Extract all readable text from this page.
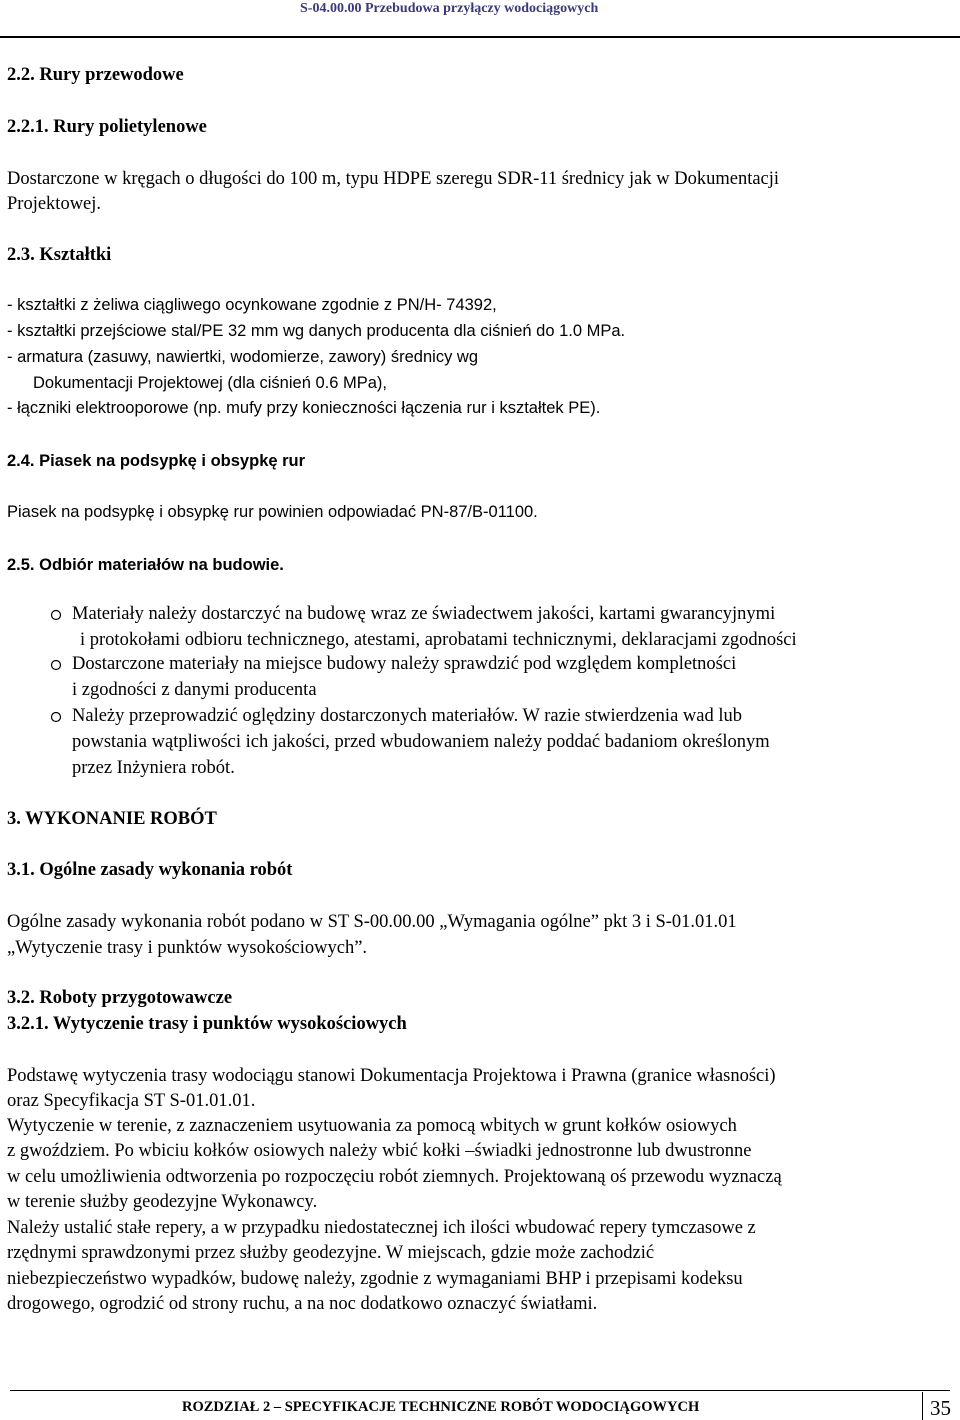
S-04.00.00 Przebudowa przyłączy wodociągowych

2.2. Rury przewodowe

2.2.1. Rury polietylenowe

Dostarczone w kręgach o długości do 100 m, typu HDPE szeregu SDR-11 średnicy jak w Dokumentacji

Projektowej.

2.3. Kształtki

- kształtki z żeliwa ciągliwego ocynkowane zgodnie z PN/H- 74392,

- kształtki przejściowe stal/PE 32 mm wg danych producenta dla ciśnień do 1.0 MPa.

- armatura (zasuwy, nawiertki, wodomierze, zawory) średnicy wg

Dokumentacji Projektowej (dla ciśnień 0.6 MPa),

- łączniki elektrooporowe (np. mufy przy konieczności łączenia rur i kształtek PE).

2.4. Piasek na podsypkę i obsypkę rur

Piasek na podsypkę i obsypkę rur powinien odpowiadać PN-87/B-01100.

2.5. Odbiór materiałów na budowie.

Materiały należy dostarczyć na budowę wraz ze świadectwem jakości, kartami gwarancyjnymi

i protokołami odbioru technicznego, atestami, aprobatami technicznymi, deklaracjami zgodności

Dostarczone materiały na miejsce budowy należy sprawdzić pod względem kompletności

i zgodności z danymi producenta

Należy przeprowadzić oględziny dostarczonych materiałów. W razie stwierdzenia wad lub

powstania wątpliwości ich jakości, przed wbudowaniem należy poddać badaniom określonym

przez Inżyniera robót.

3. WYKONANIE ROBÓT

3.1. Ogólne zasady wykonania robót

Ogólne zasady wykonania robót podano w ST S-00.00.00 „Wymagania ogólne” pkt 3 i S-01.01.01

„Wytyczenie trasy i punktów wysokościowych”.

3.2. Roboty przygotowawcze

3.2.1. Wytyczenie trasy i punktów wysokościowych

Podstawę wytyczenia trasy wodociągu stanowi Dokumentacja Projektowa i Prawna (granice własności)

oraz Specyfikacja ST S-01.01.01.

Wytyczenie w terenie, z zaznaczeniem usytuowania za pomocą wbitych w grunt kołków osiowych

z gwoździem. Po wbiciu kołków osiowych należy wbić kołki –świadki jednostronne lub dwustronne

w celu umożliwienia odtworzenia po rozpoczęciu robót ziemnych. Projektowaną oś przewodu wyznaczą

w terenie służby geodezyjne Wykonawcy.

Należy ustalić stałe repery, a w przypadku niedostatecznej ich ilości wbudować repery tymczasowe z

rzędnymi sprawdzonymi przez służby geodezyjne. W miejscach, gdzie może zachodzić

niebezpieczeństwo wypadków, budowę należy, zgodnie z wymaganiami BHP i przepisami kodeksu

drogowego, ogrodzić od strony ruchu, a na noc dodatkowo oznaczyć światłami.

ROZDZIAŁ 2 – SPECYFIKACJE TECHNICZNE ROBÓT WODOCIĄGOWYCH	35
